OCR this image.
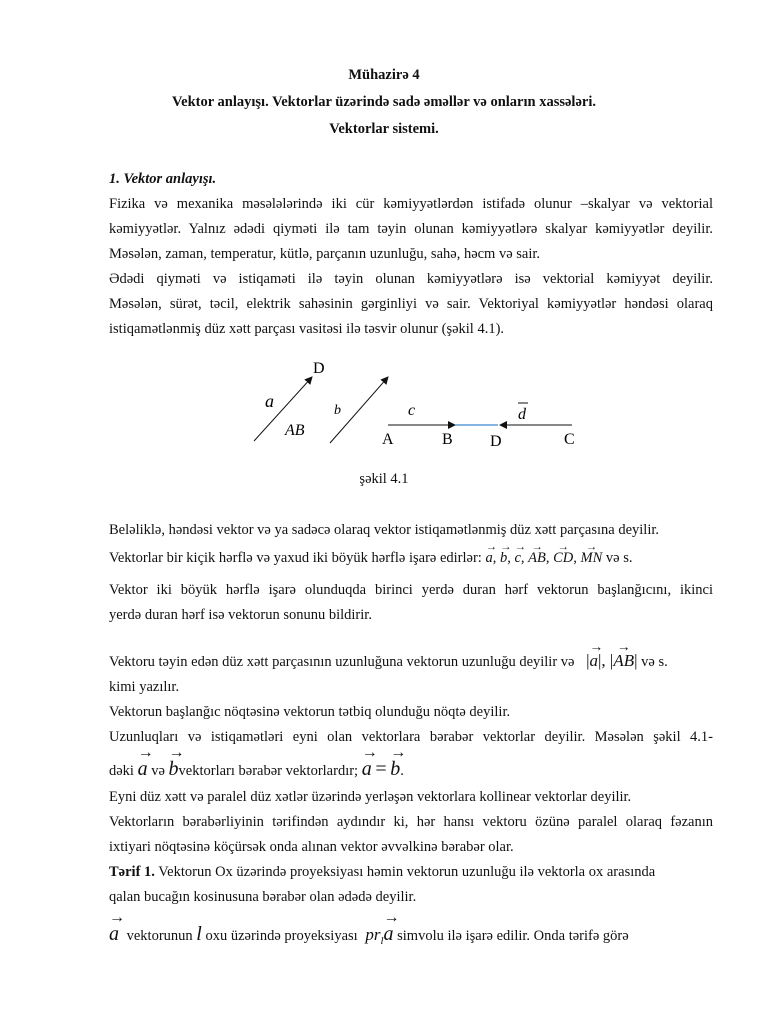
Mühazirə 4
Vektor anlayışı. Vektorlar üzərində sadə əməllər və onların xassələri.
Vektorlar sistemi.
1. Vektor anlayışı.
Fizika və mexanika məsələlərində iki cür kəmiyyətlərdən istifadə olunur –skalyar və vektorial
kəmiyyətlər. Yalnız ədədi qiyməti ilə tam təyin olunan kəmiyyətlərə skalyar kəmiyyətlər deyilir.
Məsələn, zaman, temperatur, kütlə, parçanın uzunluğu, sahə, həcm və sair.
Ədədi qiyməti və istiqaməti ilə təyin olunan kəmiyyətlərə isə vektorial kəmiyyət deyilir.
Məsələn, sürət, təcil, elektrik sahəsinin gərginliyi və sair. Vektoriyal kəmiyyətlər həndəsi olaraq
istiqamətlənmiş düz xətt parçası vasitəsi ilə təsvir olunur (şəkil 4.1).
D
a
AB
b	c	d
A	B D	C
şəkil 4.1
Beləliklə, həndəsi vektor və ya sadəcə olaraq vektor istiqamətlənmiş düz xətt parçasına deyilir.
Vektorlar bir kiçik hərflə və yaxud iki böyük hərflə işarə edirlər: → a, → b, → c, → AB, → CD, → MN və s.
Vektor iki böyük hərflə işarə olunduqda birinci yerdə duran hərf vektorun başlanğıcını, ikinci
yerdə duran hərf isə vektorun sonunu bildirir.
Vektoru təyin edən düz xətt parçasının uzunluğuna vektorun uzunluğu deyilir və |→ a|, |→ AB| və s.
kimi yazılır.
Vektorun başlanğıc nöqtəsinə vektorun tətbiq olunduğu nöqtə deyilir.
Uzunluqları və istiqamətləri eyni olan vektorlara bərabər vektorlar deyilir. Məsələn şəkil 4.1-
dəki → a və → bvektorları bərabər vektorlardır; → a = → b.
Eyni düz xətt və paralel düz xətlər üzərində yerləşən vektorlara kollinear vektorlar deyilir.
Vektorların bərabərliyinin tərifindən aydındır ki, hər hansı vektoru özünə paralel olaraq fəzanın
ixtiyari nöqtəsinə köçürsək onda alınan vektor əvvəlkinə bərabər olar.
Tərif 1. Vektorun Ox üzərində proyeksiyası həmin vektorun uzunluğu ilə vektorla ox arasında
qalan bucağın kosinusuna bərabər olan ədədə deyilir.
→ a vektorunun l oxu üzərində proyeksiyası $pr_l\to a$ simvolu ilə işarə edilir. Onda tərifə görə
